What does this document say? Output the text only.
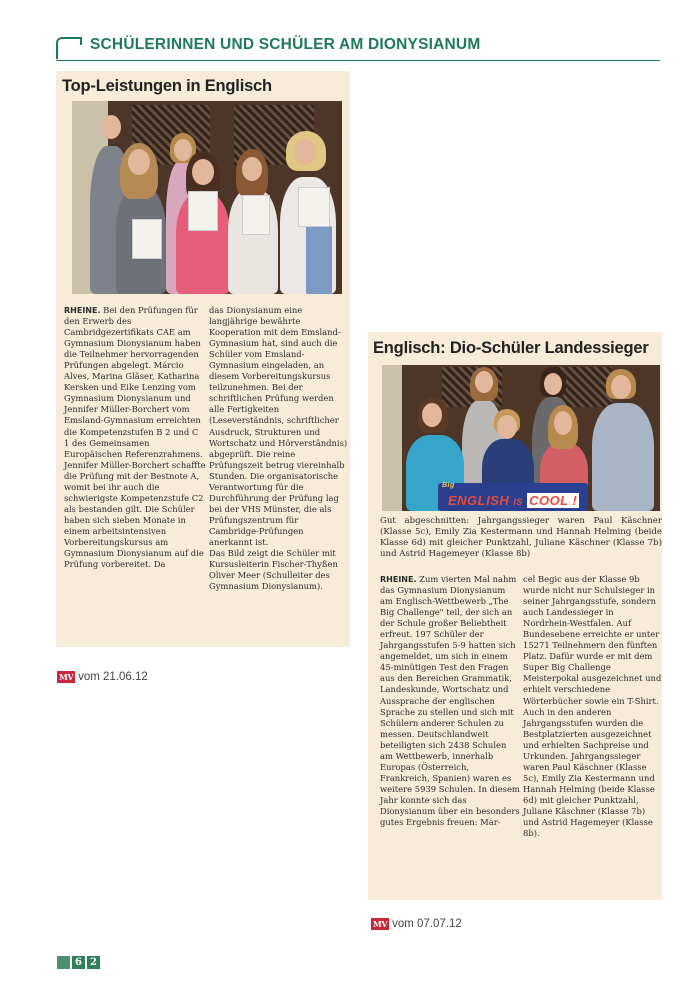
SCHÜLERINNEN UND SCHÜLER AM DIONYSIANUM
Top-Leistungen in Englisch

RHEINE. Bei den Prüfungen für den Erwerb des Cambridgezertifikats CAE am Gymnasium Dionysianum haben die Teilnehmer hervorragenden Prüfungen abgelegt. Márcio Alves, Marina Gläser, Katharina Kersken und Eike Lenzing vom Gymnasium Dionysianum und Jennifer Müller-Borchert vom Emsland-Gymnasium erreichten die Kompetenzstufen B 2 und C 1 des Gemeinsamen Europäischen Referenzrahmens. Jennifer Müller-Borchert schaffte die Prüfung mit der Bestnote A, womit bei ihr auch die schwierigste Kompetenzstufe C2 als bestanden gilt. Die Schüler haben sich sieben Monate in einem arbeitsintensiven Vorbereitungskursus am Gymnasium Dionysianum auf die Prüfung vorbereitet. Da

das Dionysianum eine langjährige bewährte Kooperation mit dem Emsland-Gymnasium hat, sind auch die Schüler vom Emsland-Gymnasium eingeladen, an diesem Vorbereitungskursus teilzunehmen. Bei der schriftlichen Prüfung werden alle Fertigkeiten (Leseverständnis, schriftlicher Ausdruck, Strukturen und Wortschatz und Hörverständnis) abgeprüft. Die reine Prüfungszeit betrug viereinhalb Stunden. Die organisatorische Verantwortung für die Durchführung der Prüfung lag bei der VHS Münster, die als Prüfungszentrum für Cambridge-Prüfungen anerkannt ist.

Das Bild zeigt die Schüler mit Kursusleiterin Fischer-Thyßen Oliver Meer (Schulleiter des Gymnasium Dionysianum).

MV vom 21.06.12
Englisch: Dio-Schüler Landessieger
Big
ENGLISH IS COOL !
Gut abgeschnitten: Jahrgangssieger waren Paul Käschner (Klasse 5c), Emily Zia Kestermann und Hannah Helming (beide Klasse 6d) mit gleicher Punktzahl, Juliane Käschner (Klasse 7b) und Astrid Hagemeyer (Klasse 8b)

RHEINE. Zum vierten Mal nahm das Gymnasium Dionysianum am Englisch-Wettbewerb „The Big Challenge" teil, der sich an der Schule großer Beliebtheit erfreut. 197 Schüler der Jahrgangsstufen 5-9 hatten sich angemeldet, um sich in einem 45-minütigen Test den Fragen aus den Bereichen Grammatik, Landeskunde, Wortschatz und Aussprache der englischen Sprache zu stellen und sich mit Schülern anderer Schulen zu messen. Deutschlandweit beteiligten sich 2438 Schulen am Wettbewerb, innerhalb Europas (Österreich, Frankreich, Spanien) waren es weitere 5939 Schulen. In diesem Jahr konnte sich das Dionysianum über ein besonders gutes Ergebnis freuen: Mar-

cel Begic aus der Klasse 9b wurde nicht nur Schulsieger in seiner Jahrgangsstufe, sondern auch Landessieger in Nordrhein-Westfalen. Auf Bundesebene erreichte er unter 15271 Teilnehmern den fünften Platz. Dafür wurde er mit dem Super Big Challenge Meisterpokal ausgezeichnet und erhielt verschiedene Wörterbücher sowie ein T-Shirt. Auch in den anderen Jahrgangsstufen wurden die Bestplatzierten ausgezeichnet und erhielten Sachpreise und Urkunden. Jahrgangssieger waren Paul Käschner (Klasse 5c), Emily Zia Kestermann und Hannah Helming (beide Klasse 6d) mit gleicher Punktzahl, Juliane Käschner (Klasse 7b) und Astrid Hagemeyer (Klasse 8b).

MV vom 07.07.12
6 2
